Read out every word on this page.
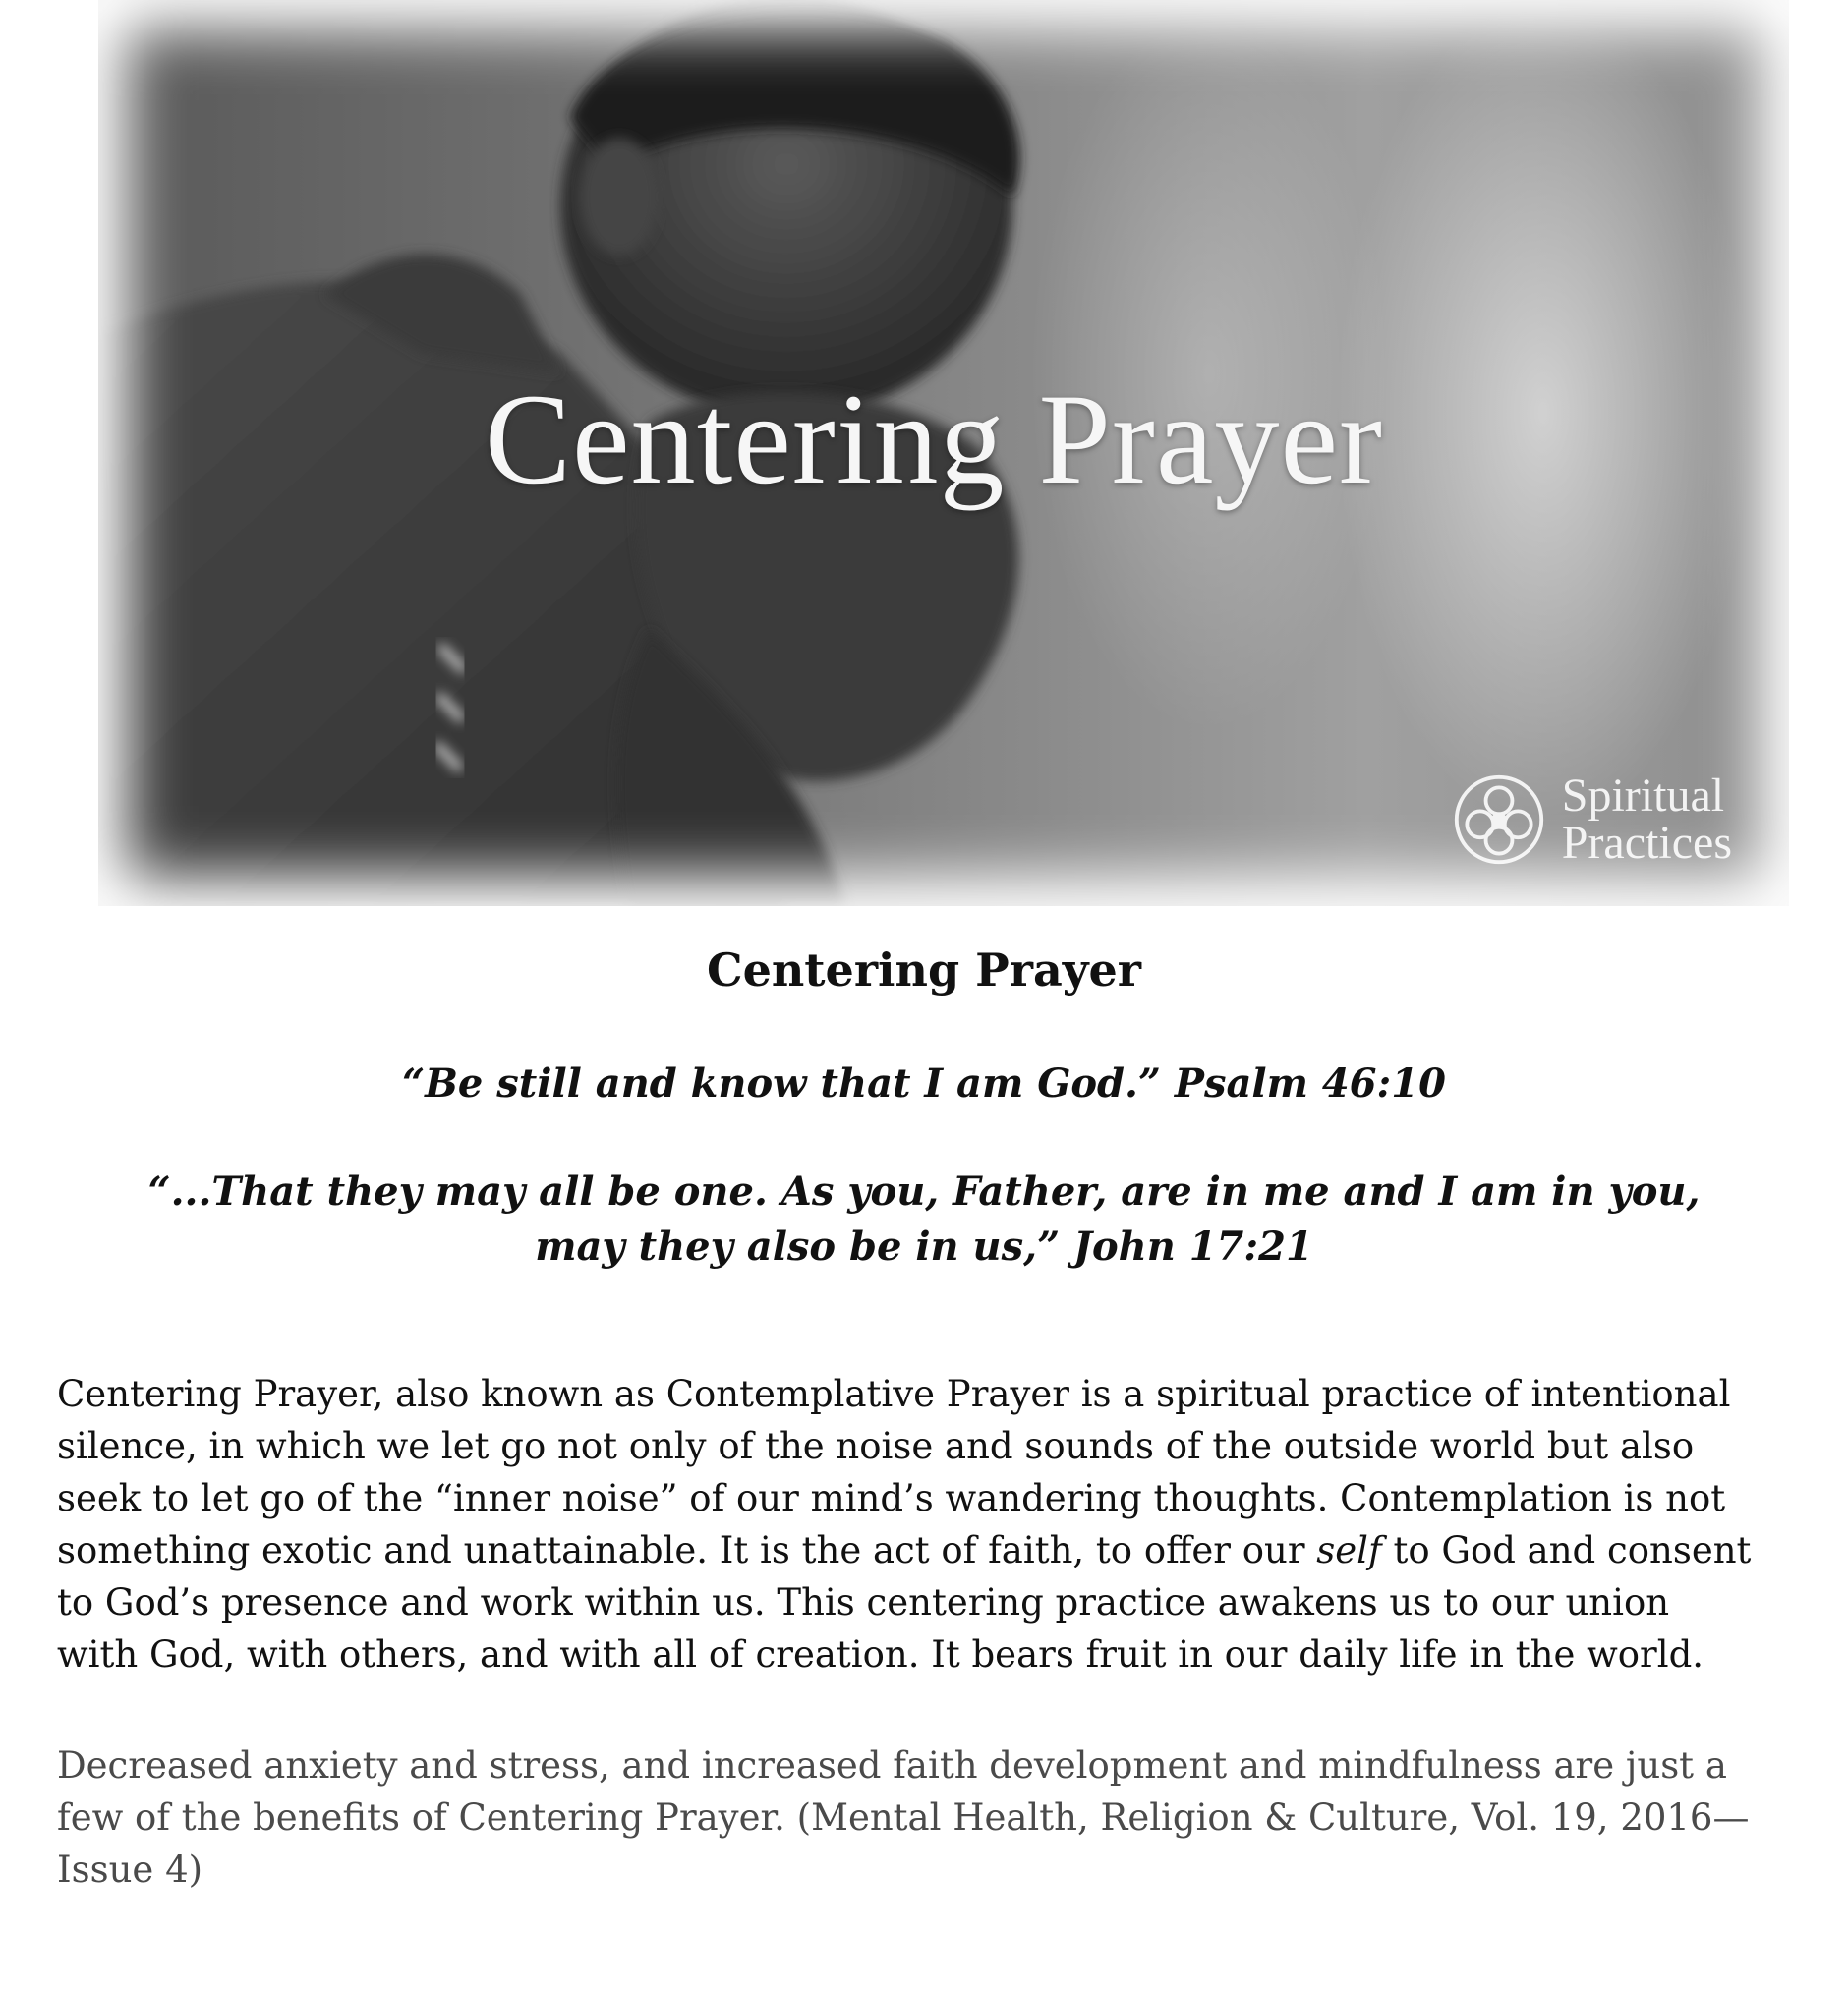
Centering Prayer
Spiritual
Practices
Centering Prayer
“Be still and know that I am God.” Psalm 46:10
“...That they may all be one. As you, Father, are in me and I am in you,
may they also be in us,” John 17:21
Centering Prayer, also known as Contemplative Prayer is a spiritual practice of intentional
silence, in which we let go not only of the noise and sounds of the outside world but also
seek to let go of the “inner noise” of our mind’s wandering thoughts. Contemplation is not
something exotic and unattainable. It is the act of faith, to offer our self to God and consent
to God’s presence and work within us. This centering practice awakens us to our union
with God, with others, and with all of creation. It bears fruit in our daily life in the world.
Decreased anxiety and stress, and increased faith development and mindfulness are just a
few of the benefits of Centering Prayer. (Mental Health, Religion & Culture, Vol. 19, 2016—
Issue 4)
